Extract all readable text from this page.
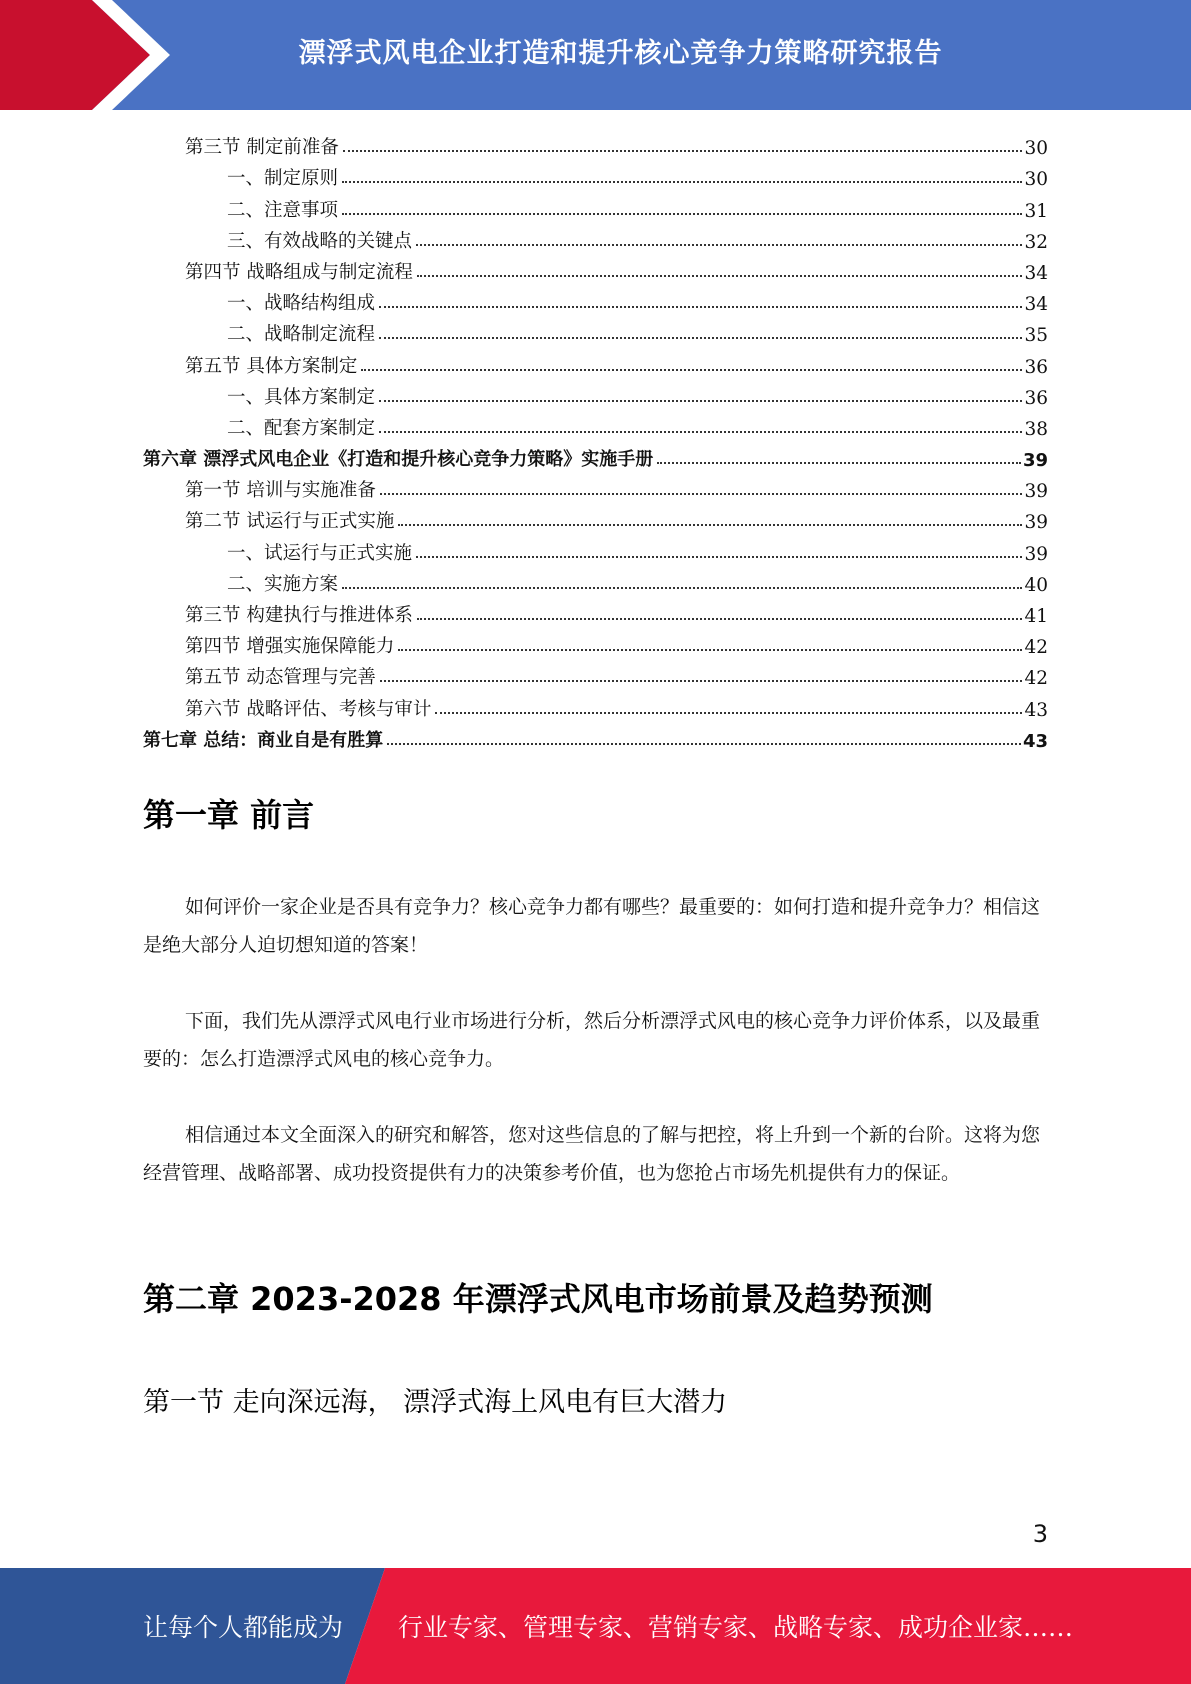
漂浮式风电企业打造和提升核心竞争力策略研究报告
第三节 制定前准备	30
一、制定原则	30
二、注意事项	31
三、有效战略的关键点	32
第四节 战略组成与制定流程	34
一、战略结构组成	34
二、战略制定流程	35
第五节 具体方案制定	36
一、具体方案制定	36
二、配套方案制定	38
第六章 漂浮式风电企业《打造和提升核心竞争力策略》实施手册	39
第一节 培训与实施准备	39
第二节 试运行与正式实施	39
一、试运行与正式实施	39
二、实施方案	40
第三节 构建执行与推进体系	41
第四节 增强实施保障能力	42
第五节 动态管理与完善	42
第六节 战略评估、考核与审计	43
第七章 总结：商业自是有胜算	43
第一章 前言

如何评价一家企业是否具有竞争力？核心竞争力都有哪些？最重要的：如何打造和提升竞争力？相信这是绝大部分人迫切想知道的答案！

下面，我们先从漂浮式风电行业市场进行分析，然后分析漂浮式风电的核心竞争力评价体系，以及最重要的：怎么打造漂浮式风电的核心竞争力。

相信通过本文全面深入的研究和解答，您对这些信息的了解与把控，将上升到一个新的台阶。这将为您经营管理、战略部署、成功投资提供有力的决策参考价值，也为您抢占市场先机提供有力的保证。

第二章 2023-2028 年漂浮式风电市场前景及趋势预测
第一节 走向深远海， 漂浮式海上风电有巨大潜力
3
让每个人都能成为 行业专家、管理专家、营销专家、战略专家、成功企业家……
